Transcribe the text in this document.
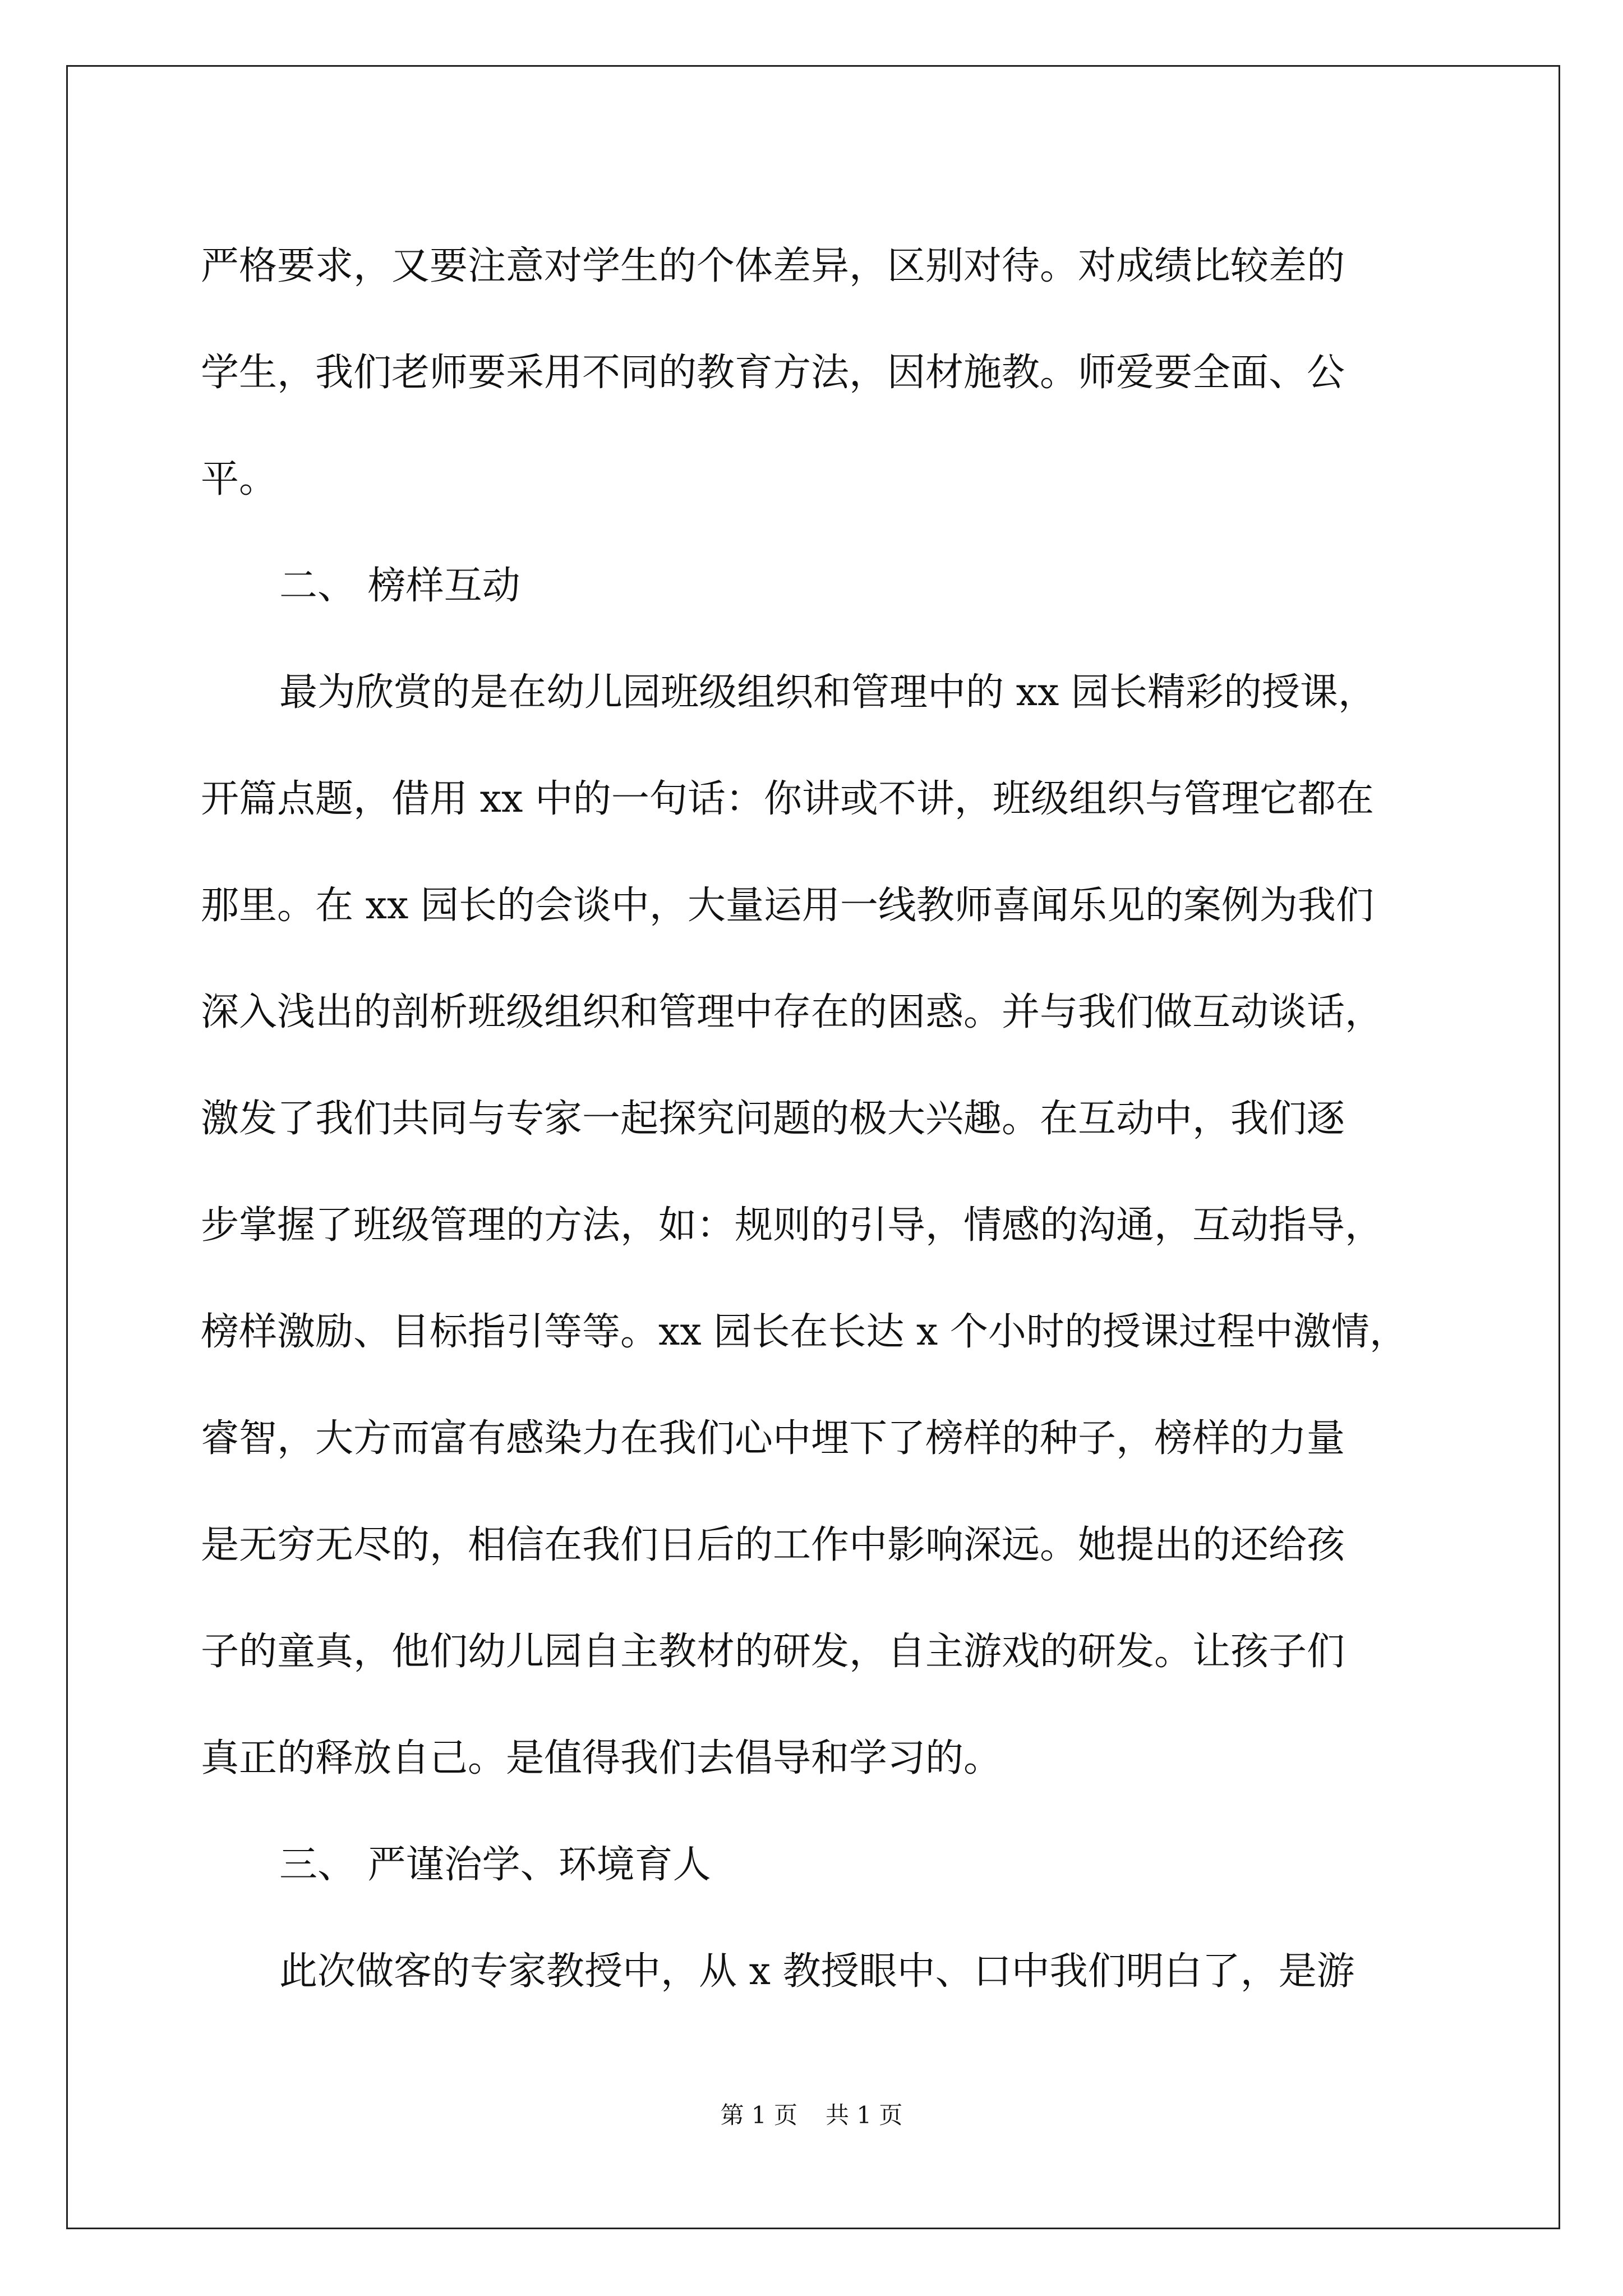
严格要求，又要注意对学生的个体差异，区别对待。对成绩比较差的
学生，我们老师要采用不同的教育方法，因材施教。师爱要全面、公
平。
二、 榜样互动
最为欣赏的是在幼儿园班级组织和管理中的 xx 园长精彩的授课，
开篇点题，借用 xx 中的一句话：你讲或不讲，班级组织与管理它都在
那里。在 xx 园长的会谈中，大量运用一线教师喜闻乐见的案例为我们
深入浅出的剖析班级组织和管理中存在的困惑。并与我们做互动谈话，
激发了我们共同与专家一起探究问题的极大兴趣。在互动中，我们逐
步掌握了班级管理的方法，如：规则的引导，情感的沟通，互动指导，
榜样激励、目标指引等等。xx 园长在长达 x 个小时的授课过程中激情，
睿智，大方而富有感染力在我们心中埋下了榜样的种子，榜样的力量
是无穷无尽的，相信在我们日后的工作中影响深远。她提出的还给孩
子的童真，他们幼儿园自主教材的研发，自主游戏的研发。让孩子们
真正的释放自己。是值得我们去倡导和学习的。
三、 严谨治学、环境育人
此次做客的专家教授中，从 x 教授眼中、口中我们明白了，是游
第 1 页 共 1 页
